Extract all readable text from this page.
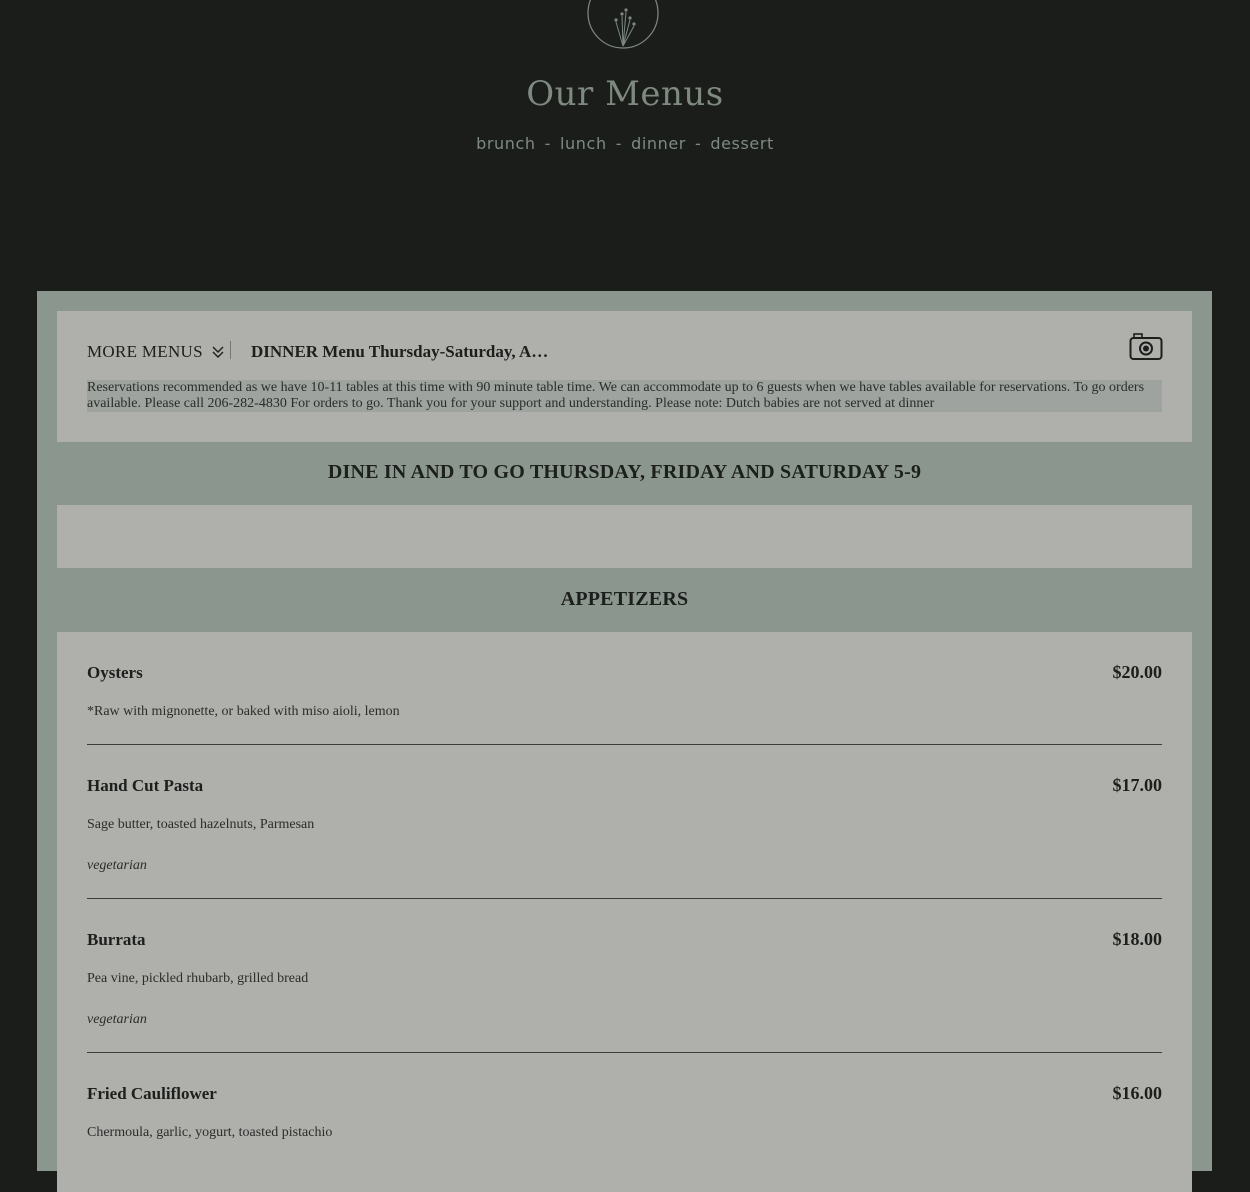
Our Menus
brunch - lunch - dinner - dessert
MORE MENUS	DINNER Menu Thursday-Saturday, A…
Reservations recommended as we have 10-11 tables at this time with 90 minute table time. We can accommodate up to 6 guests when we have tables available for reservations. To go orders available. Please call 206-282-4830 For orders to go. Thank you for your support and understanding. Please note: Dutch babies are not served at dinner
DINE IN AND TO GO THURSDAY, FRIDAY AND SATURDAY 5-9
APPETIZERS
Oysters	$20.00
*Raw with mignonette, or baked with miso aioli, lemon
Hand Cut Pasta	$17.00
Sage butter, toasted hazelnuts, Parmesan
vegetarian
Burrata	$18.00
Pea vine, pickled rhubarb, grilled bread
vegetarian
Fried Cauliflower	$16.00
Chermoula, garlic, yogurt, toasted pistachio
